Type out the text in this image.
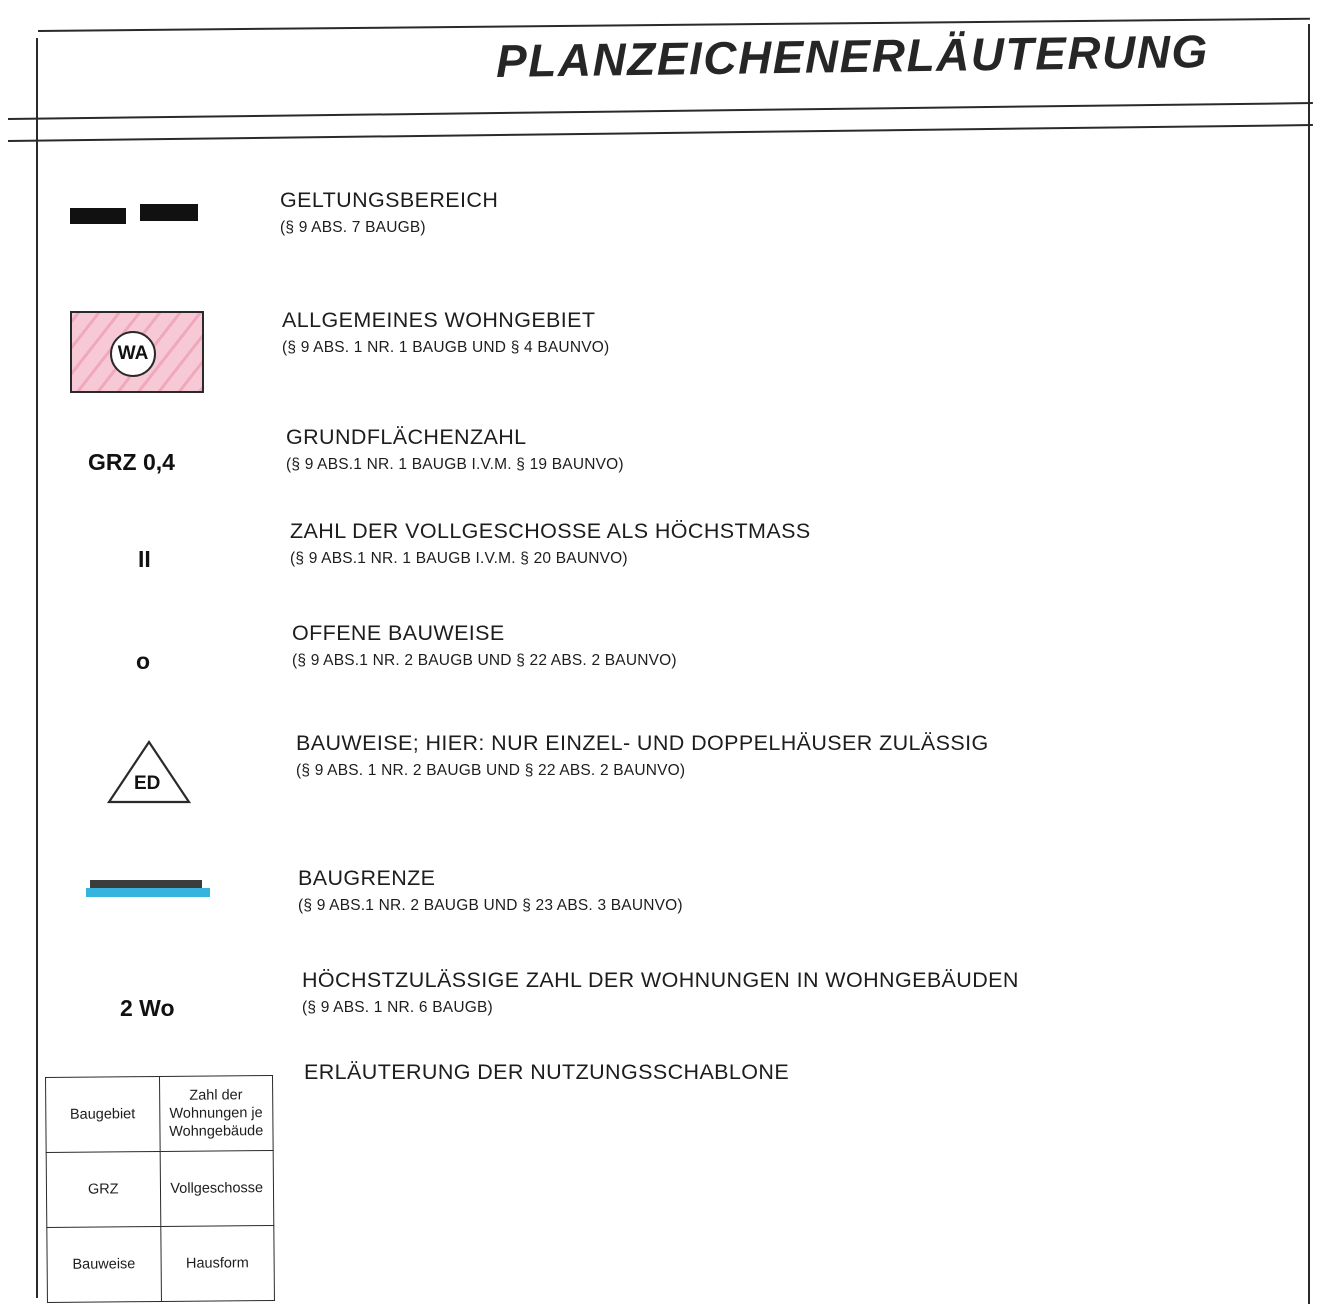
PLANZEICHENERLÄUTERUNG
GELTUNGSBEREICH
(§ 9 ABS. 7 BAUGB)
WA
ALLGEMEINES WOHNGEBIET
(§ 9 ABS. 1 NR. 1 BAUGB UND § 4 BAUNVO)
GRZ 0,4
GRUNDFLÄCHENZAHL
(§ 9 ABS.1 NR. 1 BAUGB I.V.M. § 19 BAUNVO)
II
ZAHL DER VOLLGESCHOSSE ALS HÖCHSTMASS
(§ 9 ABS.1 NR. 1 BAUGB I.V.M. § 20 BAUNVO)
o
OFFENE BAUWEISE
(§ 9 ABS.1 NR. 2 BAUGB UND § 22 ABS. 2 BAUNVO)
ED
BAUWEISE; HIER: NUR EINZEL- UND DOPPELHÄUSER ZULÄSSIG
(§ 9 ABS. 1 NR. 2 BAUGB UND § 22 ABS. 2 BAUNVO)
BAUGRENZE
(§ 9 ABS.1 NR. 2 BAUGB UND § 23 ABS. 3 BAUNVO)
2 Wo
HÖCHSTZULÄSSIGE ZAHL DER WOHNUNGEN IN WOHNGEBÄUDEN
(§ 9 ABS. 1 NR. 6 BAUGB)
ERLÄUTERUNG DER NUTZUNGSSCHABLONE
Baugebiet	Zahl der
Wohnungen je
Wohngebäude
GRZ	Vollgeschosse
Bauweise	Hausform
